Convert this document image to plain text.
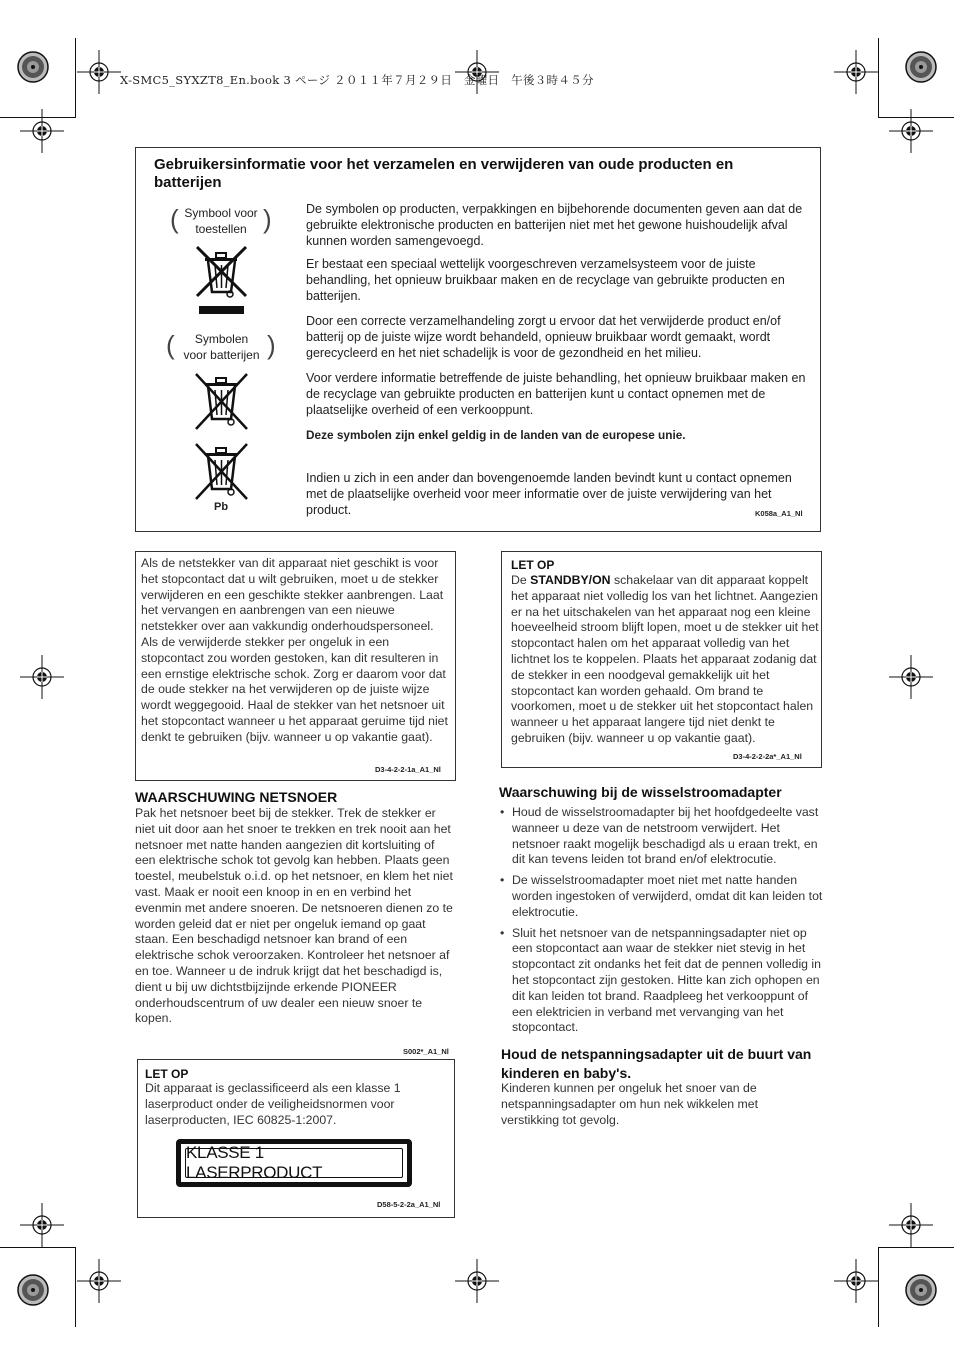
X-SMC5_SYXZT8_En.book 3 ページ ２０１１年７月２９日　金曜日　午後３時４５分
Gebruikersinformatie voor het verzamelen en verwijderen van oude producten en batterijen
(	)
Symbool voor
toestellen
(	)
Symbolen
voor batterijen
Pb
De symbolen op producten, verpakkingen en bijbehorende documenten geven aan dat de gebruikte elektronische producten en batterijen niet met het gewone huishoudelijk afval kunnen worden samengevoegd.
Er bestaat een speciaal wettelijk voorgeschreven verzamelsysteem voor de juiste behandling, het opnieuw bruikbaar maken en de recyclage van gebruikte producten en batterijen.
Door een correcte verzamelhandeling zorgt u ervoor dat het verwijderde product en/of batterij op de juiste wijze wordt behandeld, opnieuw bruikbaar wordt gemaakt, wordt gerecycleerd en het niet schadelijk is voor de gezondheid en het milieu.
Voor verdere informatie betreffende de juiste behandling, het opnieuw bruikbaar maken en de recyclage van gebruikte producten en batterijen kunt u contact opnemen met de plaatselijke overheid of een verkooppunt.
Deze symbolen zijn enkel geldig in de landen van de europese unie.
Indien u zich in een ander dan bovengenoemde landen bevindt kunt u contact opnemen met de plaatselijke overheid voor meer informatie over de juiste verwijdering van het product.	K058a_A1_Nl
Als de netstekker van dit apparaat niet geschikt is voor het stopcontact dat u wilt gebruiken, moet u de stekker verwijderen en een geschikte stekker aanbrengen. Laat het vervangen en aanbrengen van een nieuwe netstekker over aan vakkundig onderhoudspersoneel. Als de verwijderde stekker per ongeluk in een stopcontact zou worden gestoken, kan dit resulteren in een ernstige elektrische schok. Zorg er daarom voor dat de oude stekker na het verwijderen op de juiste wijze wordt weggegooid. Haal de stekker van het netsnoer uit het stopcontact wanneer u het apparaat geruime tijd niet denkt te gebruiken (bijv. wanneer u op vakantie gaat).
D3-4-2-2-1a_A1_Nl
WAARSCHUWING NETSNOER
Pak het netsnoer beet bij de stekker. Trek de stekker er niet uit door aan het snoer te trekken en trek nooit aan het netsnoer met natte handen aangezien dit kortsluiting of een elektrische schok tot gevolg kan hebben. Plaats geen toestel, meubelstuk o.i.d. op het netsnoer, en klem het niet vast. Maak er nooit een knoop in en en verbind het evenmin met andere snoeren. De netsnoeren dienen zo te worden geleid dat er niet per ongeluk iemand op gaat staan. Een beschadigd netsnoer kan brand of een elektrische schok veroorzaken. Kontroleer het netsnoer af en toe. Wanneer u de indruk krijgt dat het beschadigd is, dient u bij uw dichtstbijzijnde erkende PIONEER onderhoudscentrum of uw dealer een nieuw snoer te kopen.
S002*_A1_Nl
LET OP
Dit apparaat is geclassificeerd als een klasse 1 laserproduct onder de veiligheidsnormen voor laserproducten, IEC 60825-1:2007.
KLASSE 1 LASERPRODUCT
D58-5-2-2a_A1_Nl
LET OP
De STANDBY/ON schakelaar van dit apparaat koppelt het apparaat niet volledig los van het lichtnet. Aangezien er na het uitschakelen van het apparaat nog een kleine hoeveelheid stroom blijft lopen, moet u de stekker uit het stopcontact halen om het apparaat volledig van het lichtnet los te koppelen. Plaats het apparaat zodanig dat de stekker in een noodgeval gemakkelijk uit het stopcontact kan worden gehaald. Om brand te voorkomen, moet u de stekker uit het stopcontact halen wanneer u het apparaat langere tijd niet denkt te gebruiken (bijv. wanneer u op vakantie gaat).
D3-4-2-2-2a*_A1_Nl
Waarschuwing bij de wisselstroomadapter
• Houd de wisselstroomadapter bij het hoofdgedeelte vast wanneer u deze van de netstroom verwijdert. Het netsnoer raakt mogelijk beschadigd als u eraan trekt, en dit kan tevens leiden tot brand en/of elektrocutie.
• De wisselstroomadapter moet niet met natte handen worden ingestoken of verwijderd, omdat dit kan leiden tot elektrocutie.
• Sluit het netsnoer van de netspanningsadapter niet op een stopcontact aan waar de stekker niet stevig in het stopcontact zit ondanks het feit dat de pennen volledig in het stopcontact zijn gestoken. Hitte kan zich ophopen en dit kan leiden tot brand. Raadpleeg het verkooppunt of een elektricien in verband met vervanging van het stopcontact.
Houd de netspanningsadapter uit de buurt van kinderen en baby's.
Kinderen kunnen per ongeluk het snoer van de netspanningsadapter om hun nek wikkelen met verstikking tot gevolg.
